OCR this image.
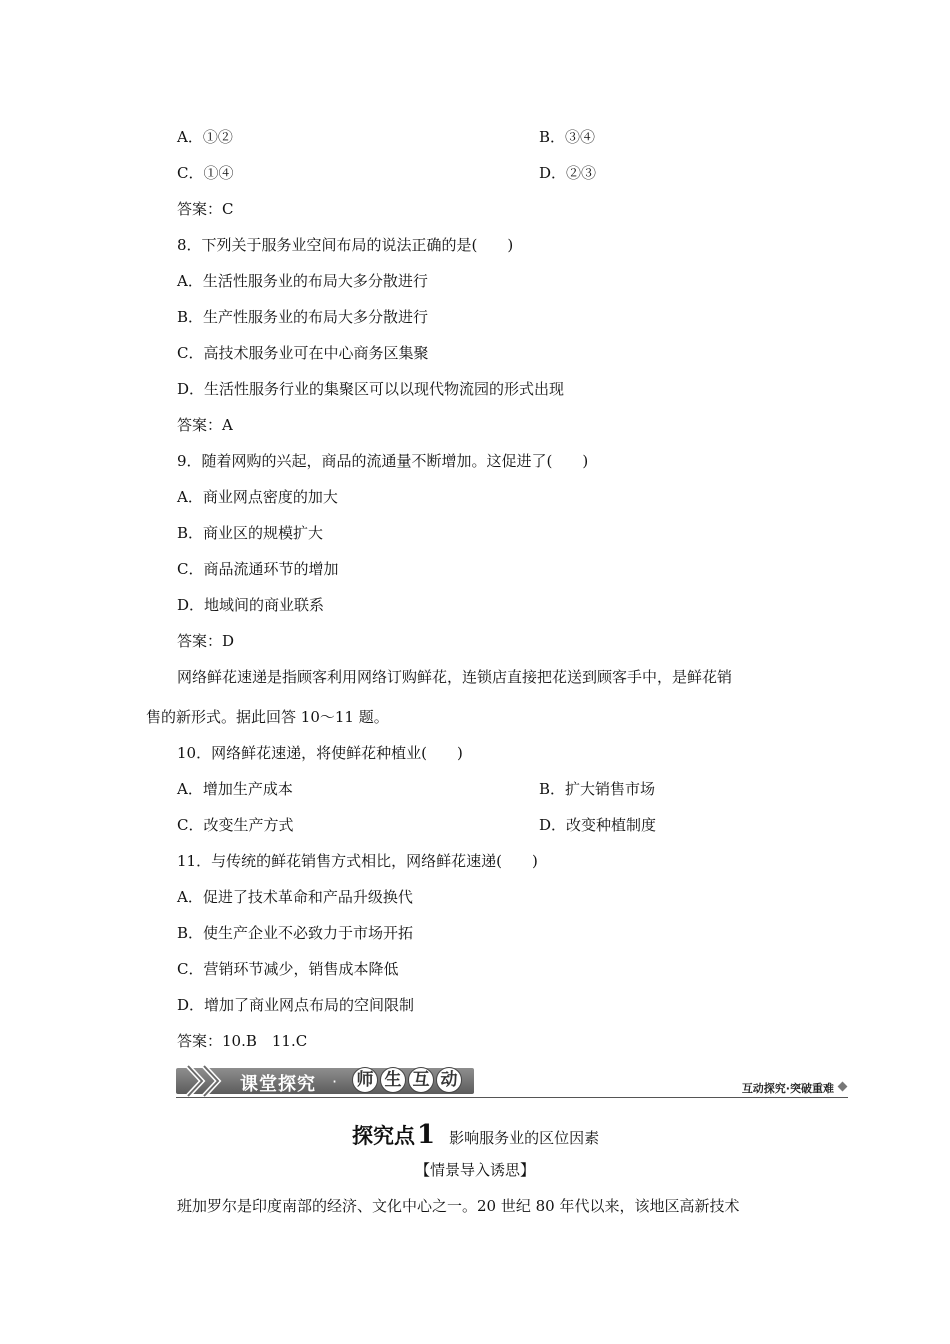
A．①②	B．③④
C．①④	D．②③
答案：C
8．下列关于服务业空间布局的说法正确的是(　　)
A．生活性服务业的布局大多分散进行
B．生产性服务业的布局大多分散进行
C．高技术服务业可在中心商务区集聚
D．生活性服务行业的集聚区可以以现代物流园的形式出现
答案：A
9．随着网购的兴起，商品的流通量不断增加。这促进了(　　)
A．商业网点密度的加大
B．商业区的规模扩大
C．商品流通环节的增加
D．地域间的商业联系
答案：D
网络鲜花速递是指顾客利用网络订购鲜花，连锁店直接把花送到顾客手中，是鲜花销
售的新形式。据此回答 10～11 题。
10．网络鲜花速递，将使鲜花种植业(　　)
A．增加生产成本	B．扩大销售市场
C．改变生产方式	D．改变种植制度
11．与传统的鲜花销售方式相比，网络鲜花速递(　　)
A．促进了技术革命和产品升级换代
B．使生产企业不必致力于市场开拓
C．营销环节减少，销售成本降低
D．增加了商业网点布局的空间限制
答案：10.B　11.C
课堂探究 · 师 生 互 动	互动探究·突破重难
探究点1 影响服务业的区位因素
【情景导入诱思】
班加罗尔是印度南部的经济、文化中心之一。20 世纪 80 年代以来，该地区高新技术
